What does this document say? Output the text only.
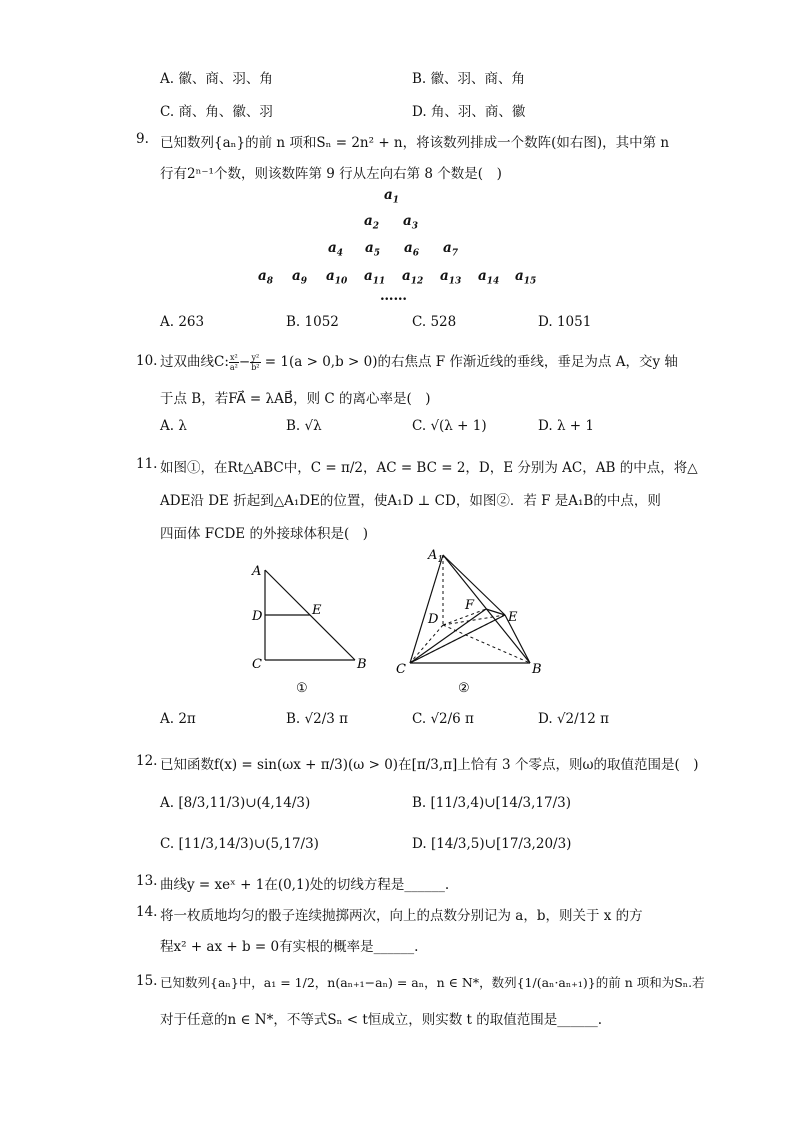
A. 徽、商、羽、角	B. 徽、羽、商、角
C. 商、角、徽、羽	D. 角、羽、商、徽
9. 已知数列{aₙ}的前 n 项和Sₙ = 2n² + n，将该数列排成一个数阵(如右图)，其中第 n
行有2ⁿ⁻¹个数，则该数阵第 9 行从左向右第 8 个数是(　)
$a_1$
$a_2$ $a_3$
$a_4$ $a_5$ $a_6$ $a_7$
$a_8$ $a_9$ $a_{10}$ $a_{11}$ $a_{12}$ $a_{13}$ $a_{14}$ $a_{15}$
……
A. 263	B. 1052	C. 528	D. 1051
10. 过双曲线C: $\frac{\text{x²}}{\text{a²}} - \frac{\text{y²}}{\text{b²}} = 1(a > 0,b > 0)$的右焦点 F 作渐近线的垂线，垂足为点 A，交y 轴
于点 B，若FA⃗ = λAB⃗，则 C 的离心率是(　)
A. λ	B. √λ	C. √(λ + 1)	D. λ + 1
11. 如图①，在Rt△ABC中，C = π/2，AC = BC = 2，D，E 分别为 AC，AB 的中点，将△
ADE沿 DE 折起到△A₁DE的位置，使A₁D ⊥ CD，如图②．若 F 是A₁B的中点，则
四面体 FCDE 的外接球体积是(　)
A
D	E
C	B
①
$A_1$
D
F
E
C	B
②
A. 2π	B. √2/3 π	C. √2/6 π	D. √2/12 π
12. 已知函数f(x) = sin(ωx + π/3)(ω > 0)在[π/3,π]上恰有 3 个零点，则ω的取值范围是(　)
A. [8/3,11/3)∪(4,14/3)	B. [11/3,4)∪[14/3,17/3)
C. [11/3,14/3)∪(5,17/3)	D. [14/3,5)∪[17/3,20/3)
13. 曲线y = xeˣ + 1在(0,1)处的切线方程是______.
14. 将一枚质地均匀的骰子连续抛掷两次，向上的点数分别记为 a，b，则关于 x 的方
程x² + ax + b = 0有实根的概率是______.
15. 已知数列{aₙ}中，a₁ = 1/2，n(aₙ₊₁−aₙ) = aₙ，n ∈ N*，数列{1/(aₙ·aₙ₊₁)}的前 n 项和为Sₙ.若
对于任意的n ∈ N*，不等式Sₙ < t恒成立，则实数 t 的取值范围是______.
